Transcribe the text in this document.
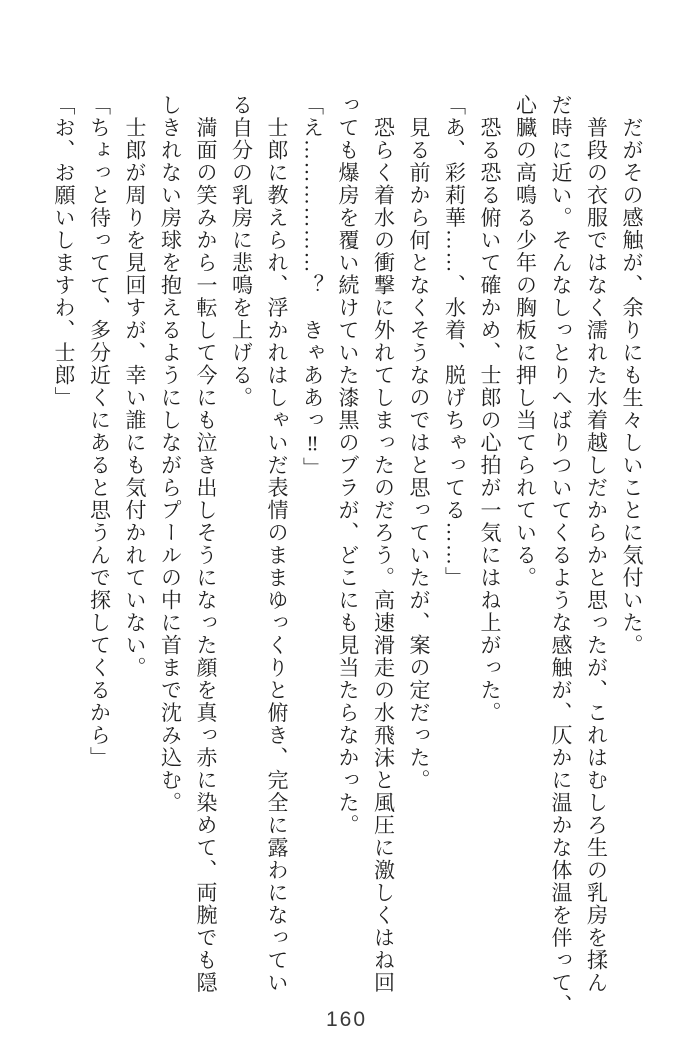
　だがその感触が、余りにも生々しいことに気付いた。
　普段の衣服ではなく濡れた水着越しだからかと思ったが、これはむしろ生の乳房を揉ん
だ時に近い。そんなしっとりへばりついてくるような感触が、仄かに温かな体温を伴って、
心臓の高鳴る少年の胸板に押し当てられている。
　恐る恐る俯いて確かめ、士郎の心拍が一気にはね上がった。
「あ、彩莉華……、水着、脱げちゃってる……」
　見る前から何となくそうなのではと思っていたが、案の定だった。
　恐らく着水の衝撃に外れてしまったのだろう。高速滑走の水飛沫と風圧に激しくはね回
っても爆房を覆い続けていた漆黒のブラが、どこにも見当たらなかった。
「え………………？　きゃああっ‼」
　士郎に教えられ、浮かれはしゃいだ表情のままゆっくりと俯き、完全に露わになってい
る自分の乳房に悲鳴を上げる。
　満面の笑みから一転して今にも泣き出しそうになった顔を真っ赤に染めて、両腕でも隠
しきれない房球を抱えるようにしながらプールの中に首まで沈み込む。
　士郎が周りを見回すが、幸い誰にも気付かれていない。
「ちょっと待ってて、多分近くにあると思うんで探してくるから」
「お、お願いしますわ、士郎」
160
